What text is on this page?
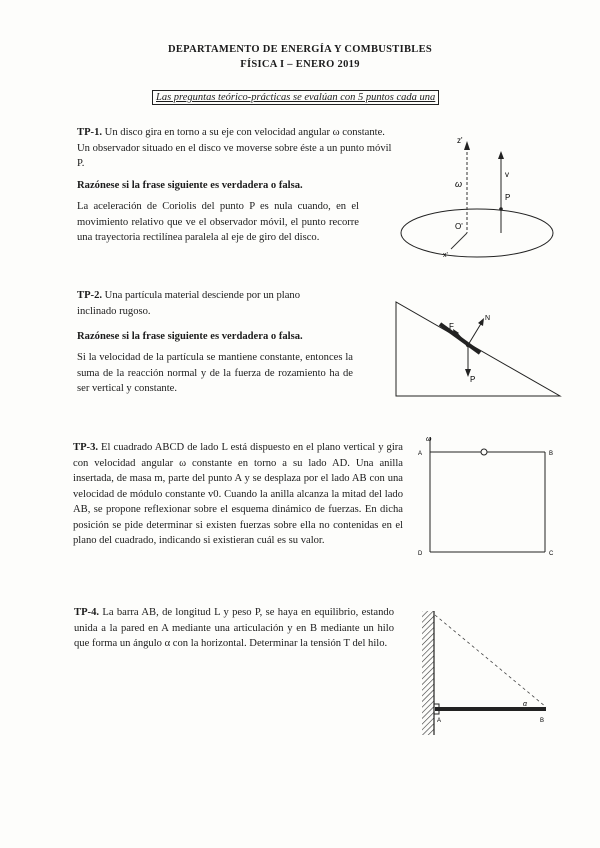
DEPARTAMENTO DE ENERGÍA Y COMBUSTIBLES
FÍSICA I – ENERO 2019
Las preguntas teórico-prácticas se evalúan con 5 puntos cada una
TP-1. Un disco gira en torno a su eje con velocidad angular ω constante. Un observador situado en el disco ve moverse sobre éste a un punto móvil P.
Razónese si la frase siguiente es verdadera o falsa.
La aceleración de Coriolis del punto P es nula cuando, en el movimiento relativo que ve el observador móvil, el punto recorre una trayectoria rectilínea paralela al eje de giro del disco.
z'
ω
v
P
O'
x'
TP-2. Una partícula material desciende por un plano inclinado rugoso.
Razónese si la frase siguiente es verdadera o falsa.
Si la velocidad de la partícula se mantiene constante, entonces la suma de la reacción normal y de la fuerza de rozamiento ha de ser vertical y constante.
F
N
P
TP-3. El cuadrado ABCD de lado L está dispuesto en el plano vertical y gira con velocidad angular ω constante en torno a su lado AD. Una anilla insertada, de masa m, parte del punto A y se desplaza por el lado AB con una velocidad de módulo constante v0. Cuando la anilla alcanza la mitad del lado AB, se propone reflexionar sobre el esquema dinámico de fuerzas. En dicha posición se pide determinar si existen fuerzas sobre ella no contenidas en el plano del cuadrado, indicando si existieran cuál es su valor.
A	B
C
D
ω
TP-4. La barra AB, de longitud L y peso P, se haya en equilibrio, estando unida a la pared en A mediante una articulación y en B mediante un hilo que forma un ángulo α con la horizontal. Determinar la tensión T del hilo.
A	B
α
